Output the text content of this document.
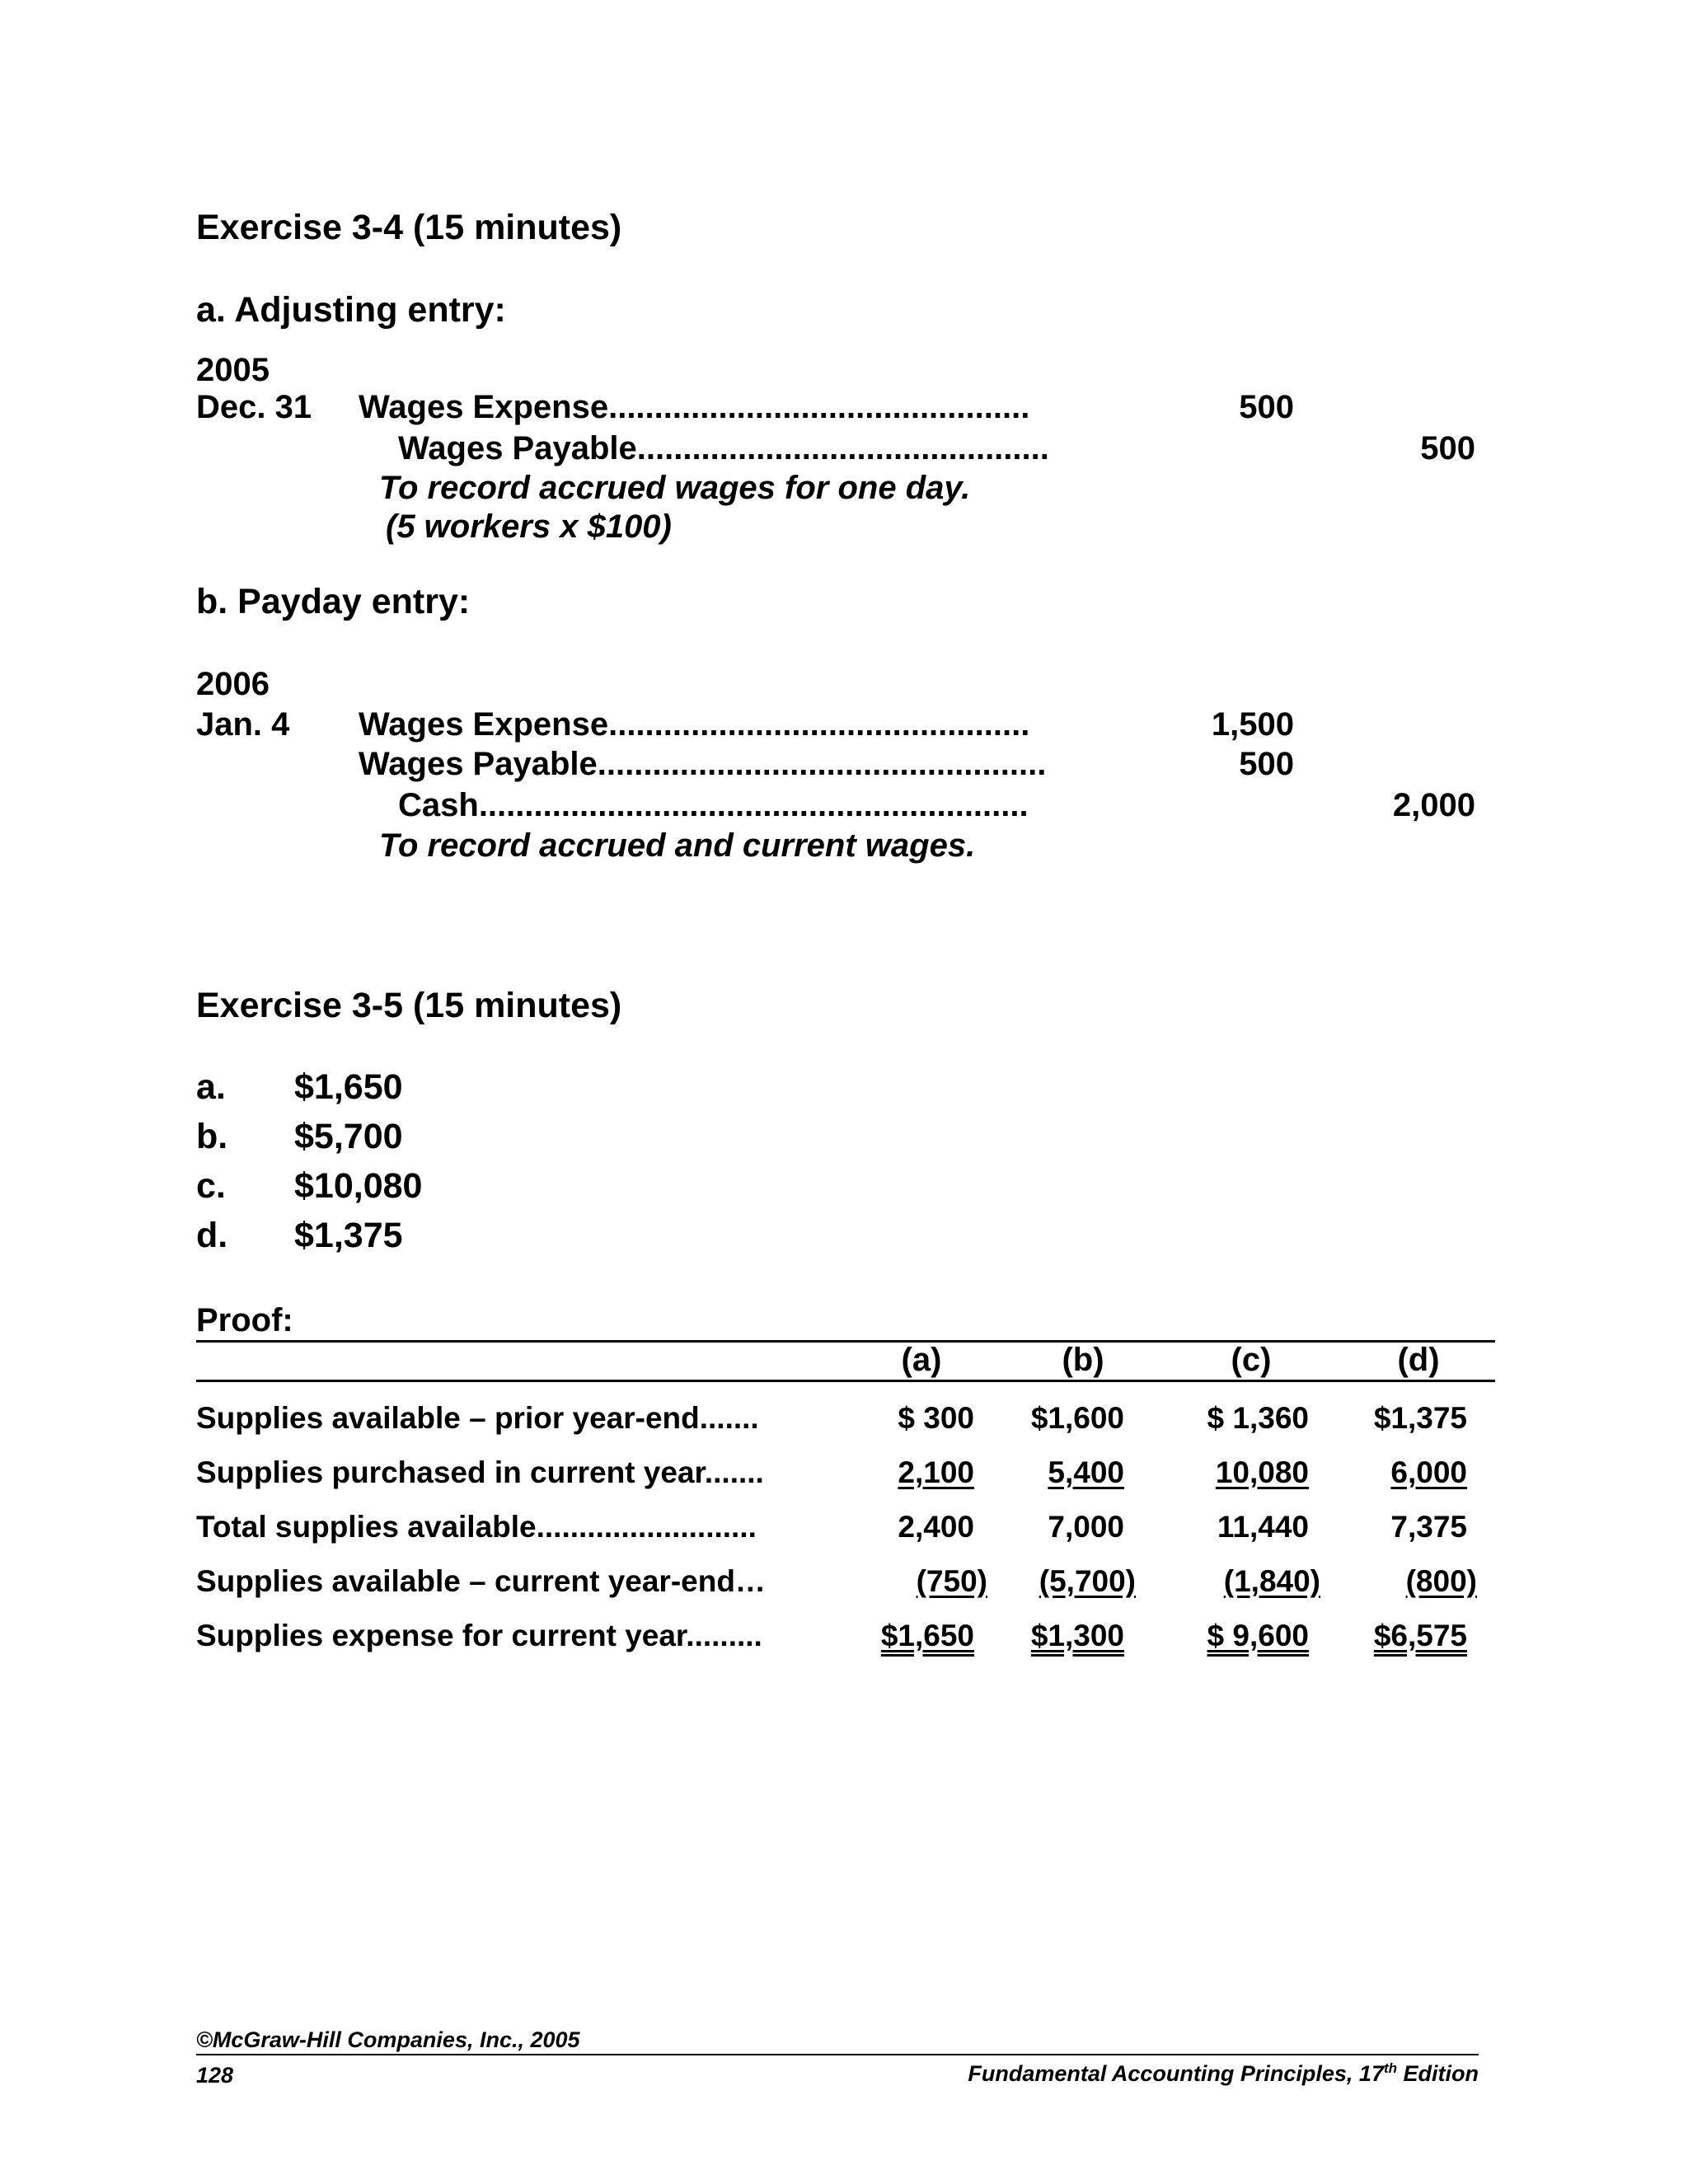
Exercise 3-4 (15 minutes)
a. Adjusting entry:
2005
Dec. 31 Wages Expense..............................................	500
Wages Payable.............................................	500
To record accrued wages for one day.
(5 workers x $100)
b. Payday entry:
2006
Jan. 4 Wages Expense..............................................	1,500
Wages Payable.................................................	500
Cash............................................................	2,000
To record accrued and current wages.
Exercise 3-5 (15 minutes)
a. $1,650
b. $5,700
c. $10,080
d. $1,375
Proof:
(a)	(b)	(c)	(d)
Supplies available – prior year-end.......	$ 300	$1,600	$ 1,360	$1,375
Supplies purchased in current year.......	2,100	5,400	10,080	6,000
Total supplies available..........................	2,400	7,000	11,440	7,375
Supplies available – current year-end…	(750)	(5,700)	(1,840)	(800)
Supplies expense for current year.........	$1,650	$1,300	$ 9,600	$6,575
©McGraw-Hill Companies, Inc., 2005
128	Fundamental Accounting Principles, 17th Edition
